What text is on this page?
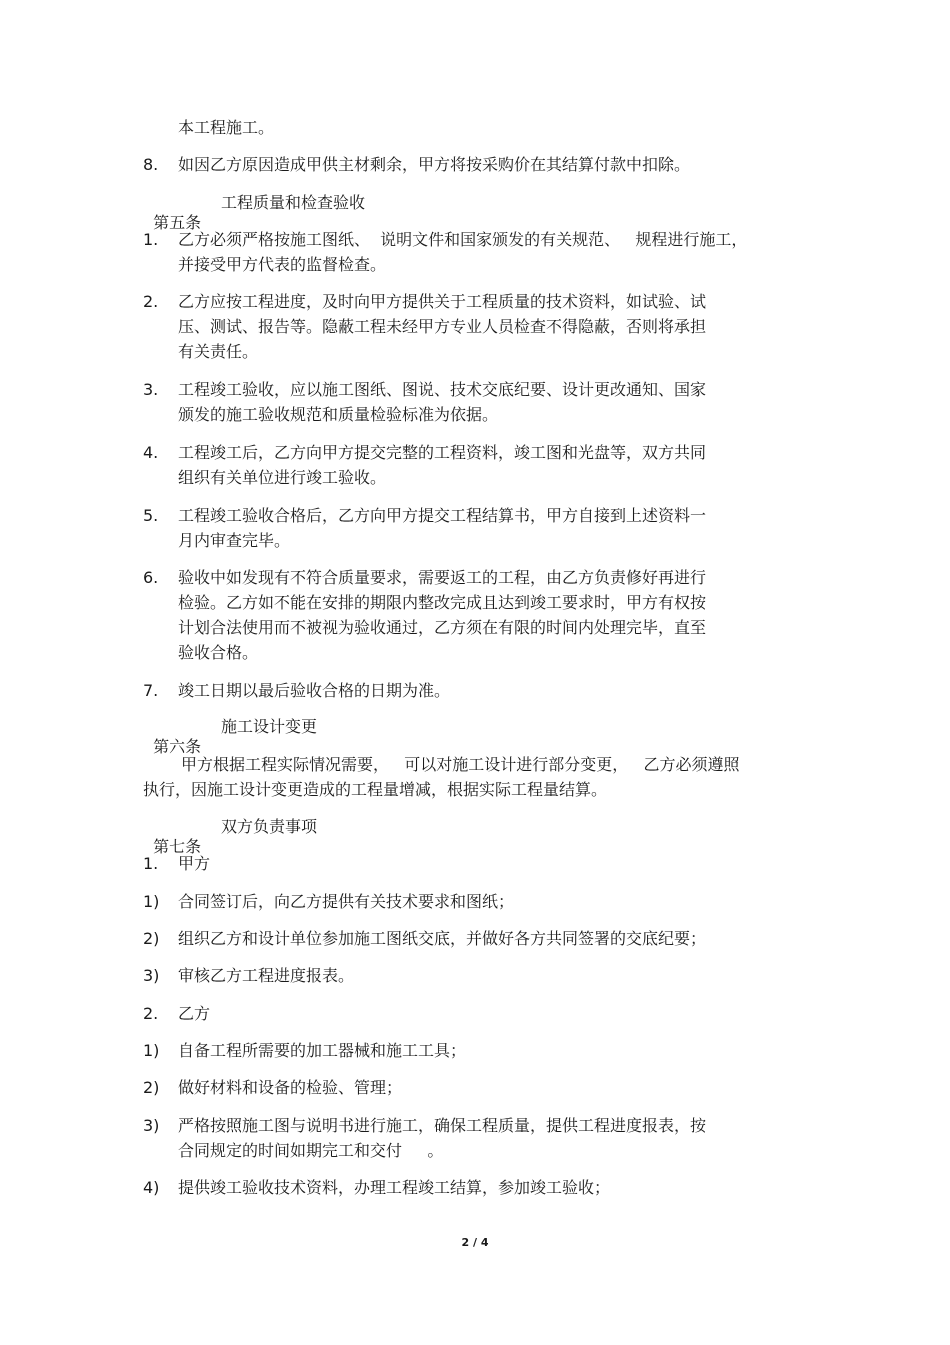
本工程施工。
8. 如因乙方原因造成甲供主材剩余，甲方将按采购价在其结算付款中扣除。

第五条

工程质量和检查验收

1. 乙方必须严格按施工图纸、  说明文件和国家颁发的有关规范、   规程进行施工，
并接受甲方代表的监督检查。
2. 乙方应按工程进度，及时向甲方提供关于工程质量的技术资料，如试验、试
压、测试、报告等。隐蔽工程未经甲方专业人员检查不得隐蔽，否则将承担
有关责任。
3. 工程竣工验收，应以施工图纸、图说、技术交底纪要、设计更改通知、国家
颁发的施工验收规范和质量检验标准为依据。
4. 工程竣工后，乙方向甲方提交完整的工程资料，竣工图和光盘等，双方共同
组织有关单位进行竣工验收。
5. 工程竣工验收合格后，乙方向甲方提交工程结算书，甲方自接到上述资料一
月内审查完毕。
6. 验收中如发现有不符合质量要求，需要返工的工程，由乙方负责修好再进行
检验。乙方如不能在安排的期限内整改完成且达到竣工要求时，甲方有权按
计划合法使用而不被视为验收通过，乙方须在有限的时间内处理完毕，直至
验收合格。
7. 竣工日期以最后验收合格的日期为准。

第六条

施工设计变更

甲方根据工程实际情况需要，   可以对施工设计进行部分变更，   乙方必须遵照
执行，因施工设计变更造成的工程量增减，根据实际工程量结算。

第七条

双方负责事项

1. 甲方
1) 合同签订后，向乙方提供有关技术要求和图纸；
2) 组织乙方和设计单位参加施工图纸交底，并做好各方共同签署的交底纪要；
3) 审核乙方工程进度报表。
2. 乙方
1) 自备工程所需要的加工器械和施工工具；
2) 做好材料和设备的检验、管理；
3) 严格按照施工图与说明书进行施工，确保工程质量，提供工程进度报表，按
合同规定的时间如期完工和交付     。
4) 提供竣工验收技术资料，办理工程竣工结算，参加竣工验收；
2 / 4
